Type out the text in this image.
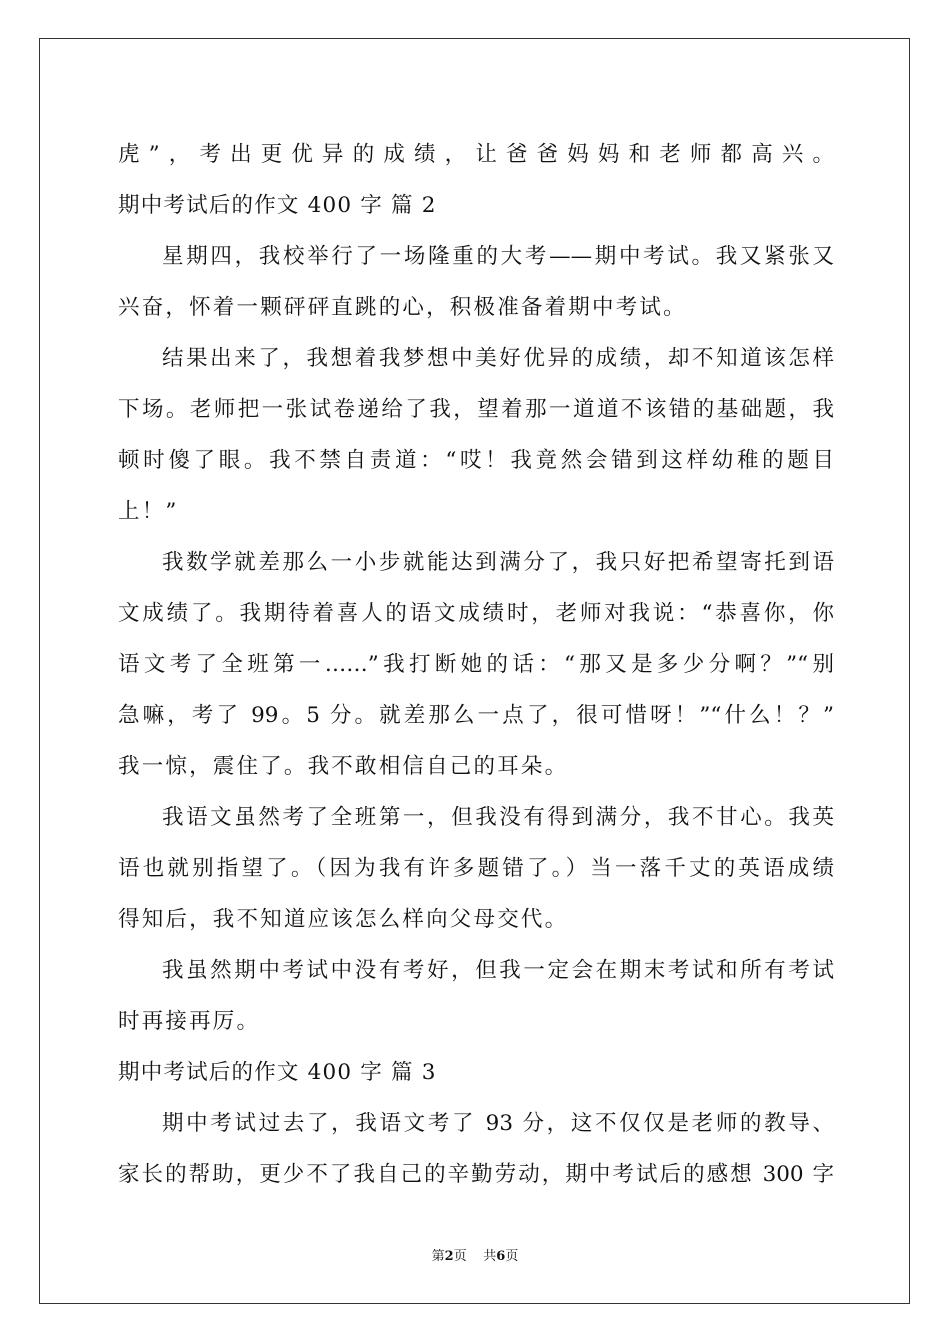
虎”，考出更优异的成绩，让爸爸妈妈和老师都高兴。
期中考试后的作文 400 字 篇 2
星期四，我校举行了一场隆重的大考——期中考试。我又紧张又
兴奋，怀着一颗砰砰直跳的心，积极准备着期中考试。
结果出来了，我想着我梦想中美好优异的成绩，却不知道该怎样
下场。老师把一张试卷递给了我，望着那一道道不该错的基础题，我
顿时傻了眼。我不禁自责道：“哎！我竟然会错到这样幼稚的题目
上！”
我数学就差那么一小步就能达到满分了，我只好把希望寄托到语
文成绩了。我期待着喜人的语文成绩时，老师对我说：“恭喜你，你
语文考了全班第一……”我打断她的话：“那又是多少分啊？”“别
急嘛，考了 99。5 分。就差那么一点了，很可惜呀！”“什么！？”
我一惊，震住了。我不敢相信自己的耳朵。
我语文虽然考了全班第一，但我没有得到满分，我不甘心。我英
语也就别指望了。（因为我有许多题错了。）当一落千丈的英语成绩
得知后，我不知道应该怎么样向父母交代。
我虽然期中考试中没有考好，但我一定会在期末考试和所有考试
时再接再厉。
期中考试后的作文 400 字 篇 3
期中考试过去了，我语文考了 93 分，这不仅仅是老师的教导、
家长的帮助，更少不了我自己的辛勤劳动，期中考试后的感想 300 字
第2页 共6页
